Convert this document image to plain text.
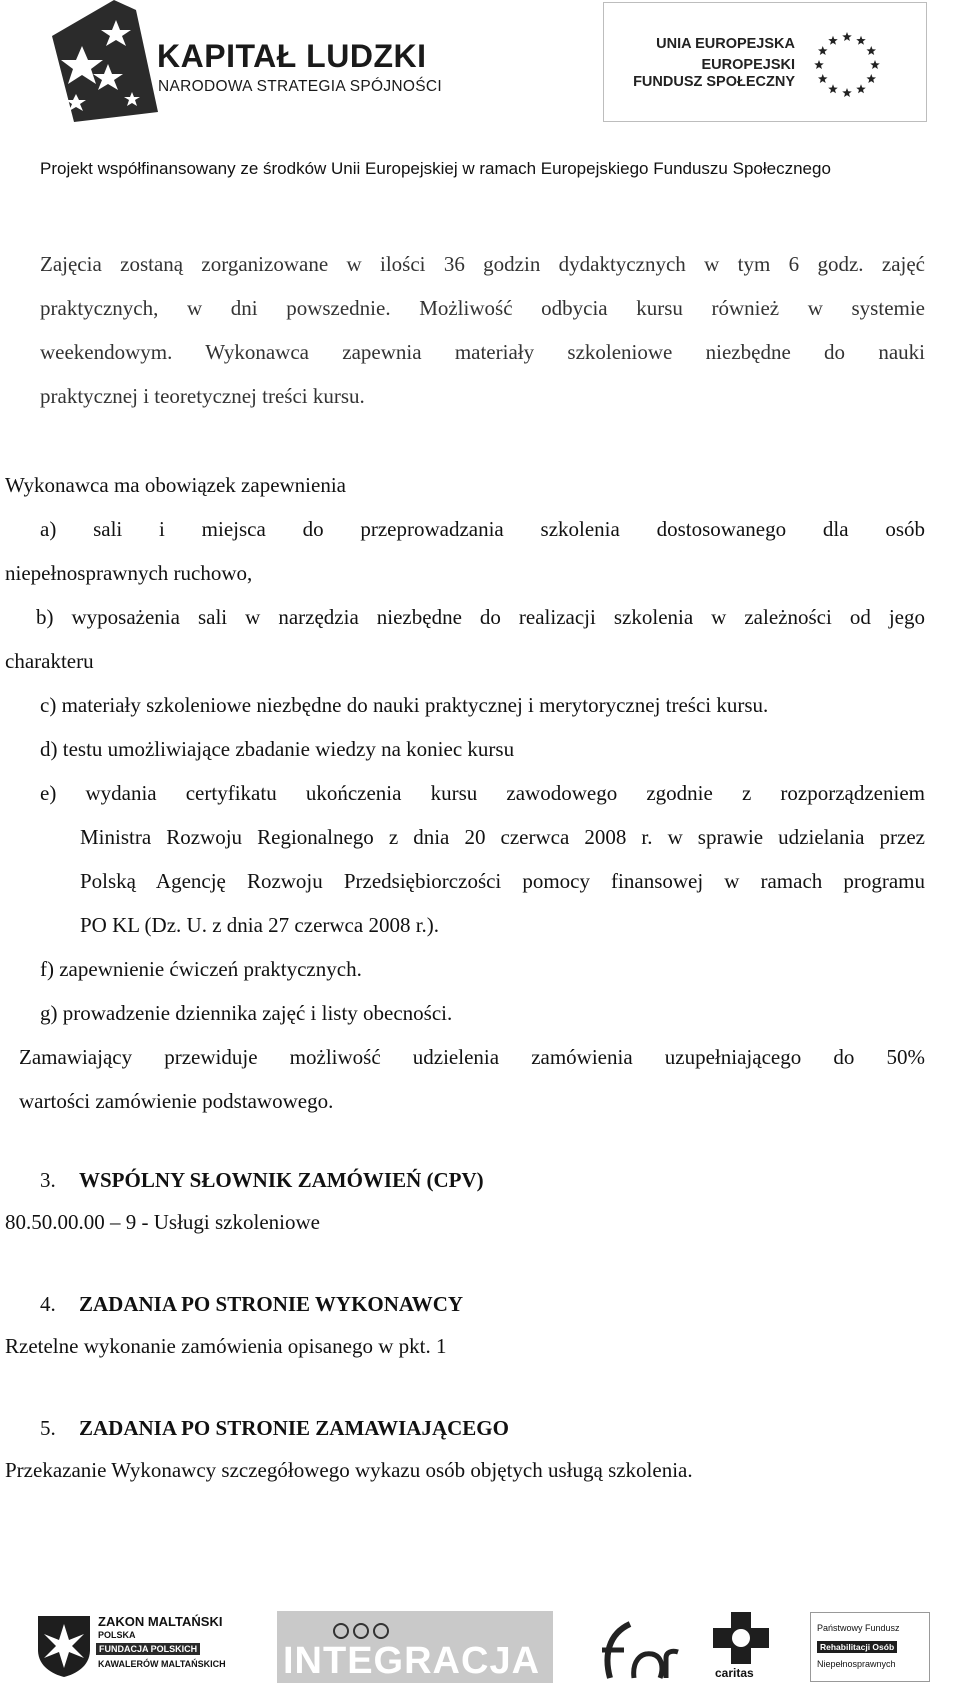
KAPITAŁ LUDZKI
NARODOWA STRATEGIA SPÓJNOŚCI
UNIA EUROPEJSKA
EUROPEJSKI
FUNDUSZ SPOŁECZNY
Projekt współfinansowany ze środków Unii Europejskiej w ramach Europejskiego Funduszu Społecznego
Zajęcia zostaną zorganizowane w ilości 36 godzin dydaktycznych w tym 6 godz. zajęć
praktycznych, w dni powszednie. Możliwość odbycia kursu również w systemie
weekendowym. Wykonawca zapewnia materiały szkoleniowe niezbędne do nauki
praktycznej i teoretycznej treści kursu.
Wykonawca ma obowiązek zapewnienia
a) sali i miejsca do przeprowadzania szkolenia dostosowanego dla osób
niepełnosprawnych ruchowo,
b) wyposażenia sali w narzędzia niezbędne do realizacji szkolenia w zależności od jego
charakteru
c) materiały szkoleniowe niezbędne do nauki praktycznej i merytorycznej treści kursu.
d) testu umożliwiające zbadanie wiedzy na koniec kursu
e) wydania certyfikatu ukończenia kursu zawodowego zgodnie z rozporządzeniem
Ministra Rozwoju Regionalnego z dnia 20 czerwca 2008 r. w sprawie udzielania przez
Polską Agencję Rozwoju Przedsiębiorczości pomocy finansowej w ramach programu
PO KL (Dz. U. z dnia 27 czerwca 2008 r.).
f) zapewnienie ćwiczeń praktycznych.
g) prowadzenie dziennika zajęć i listy obecności.
Zamawiający przewiduje możliwość udzielenia zamówienia uzupełniającego do 50%
wartości zamówienie podstawowego.
3. WSPÓLNY SŁOWNIK ZAMÓWIEŃ (CPV)
80.50.00.00 – 9 - Usługi szkoleniowe
4. ZADANIA PO STRONIE WYKONAWCY
Rzetelne wykonanie zamówienia opisanego w pkt. 1
5. ZADANIA PO STRONIE ZAMAWIAJĄCEGO
Przekazanie Wykonawcy szczegółowego wykazu osób objętych usługą szkolenia.
ZAKON MALTAŃSKI
POLSKA
FUNDACJA POLSKICH
KAWALERÓW MALTAŃSKICH INTEGRACJA	caritas
Państwowy Fundusz
Rehabilitacji Osób
Niepełnosprawnych
